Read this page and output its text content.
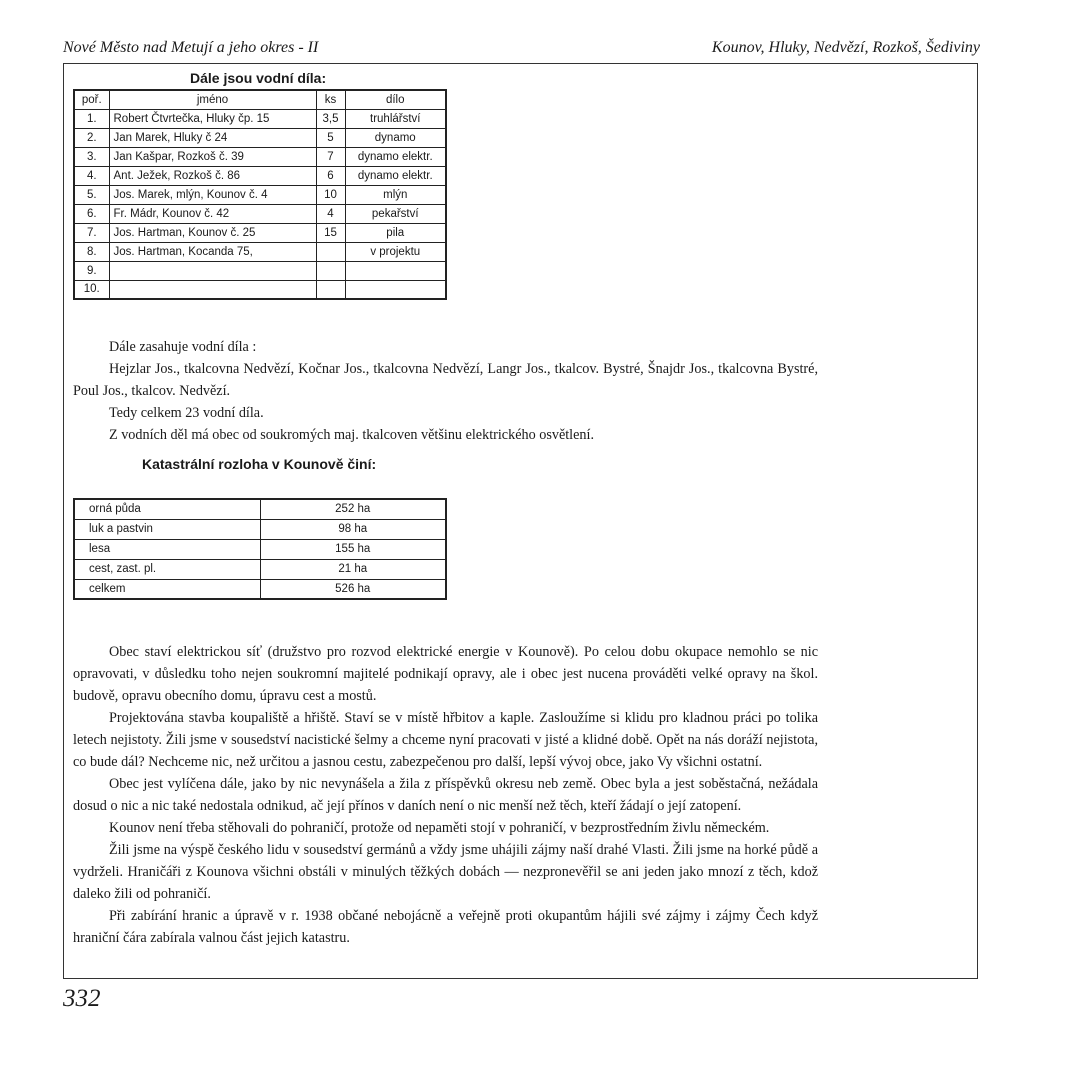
Nové Město nad Metují a jeho okres - II	Kounov, Hluky, Nedvězí, Rozkoš, Šediviny
Dále jsou vodní díla:
poř.	jméno	ks	dílo
1.	Robert Čtvrtečka, Hluky čp. 15	3,5	truhlářství
2.	Jan Marek, Hluky č 24	5	dynamo
3.	Jan Kašpar, Rozkoš č. 39	7	dynamo elektr.
4.	Ant. Ježek, Rozkoš č. 86	6	dynamo elektr.
5.	Jos. Marek, mlýn, Kounov č. 4	10	mlýn
6.	Fr. Mádr, Kounov č. 42	4	pekařství
7.	Jos. Hartman, Kounov č. 25	15	pila
8.	Jos. Hartman, Kocanda 75,		v projektu
9.			
10.			

Dále zasahuje vodní díla :

Hejzlar Jos., tkalcovna Nedvězí, Kočnar Jos., tkalcovna Nedvězí, Langr Jos., tkalcov. Bystré, Šnajdr Jos., tkalcovna Bystré, Poul Jos., tkalcov. Nedvězí.

Tedy celkem 23 vodní díla.

Z vodních děl má obec od soukromých maj. tkalcoven většinu elektrického osvětlení.

Katastrální rozloha v Kounově činí:
orná půda	252 ha
luk a pastvin	98 ha
lesa	155 ha
cest, zast. pl.	21 ha
celkem	526 ha

Obec staví elektrickou síť (družstvo pro rozvod elektrické energie v Kounově). Po celou dobu okupace nemohlo se nic opravovati, v důsledku toho nejen soukromní majitelé podnikají opravy, ale i obec jest nucena prováděti velké opravy na škol. budově, opravu obecního domu, úpravu cest a mostů.

Projektována stavba koupaliště a hřiště. Staví se v místě hřbitov a kaple. Zasloužíme si klidu pro kladnou práci po tolika letech nejistoty. Žili jsme v sousedství nacistické šelmy a chceme nyní pracovati v jisté a klidné době. Opět na nás doráží nejistota, co bude dál? Nechceme nic, než určitou a jasnou cestu, zabezpečenou pro další, lepší vývoj obce, jako Vy všichni ostatní.

Obec jest vylíčena dále, jako by nic nevynášela a žila z příspěvků okresu neb země. Obec byla a jest soběstačná, nežádala dosud o nic a nic také nedostala odnikud, ač její přínos v daních není o nic menší než těch, kteří žádají o její zatopení.

Kounov není třeba stěhovali do pohraničí, protože od nepaměti stojí v pohraničí, v bezprostředním živlu německém.

Žili jsme na výspě českého lidu v sousedství germánů a vždy jsme uhájili zájmy naší drahé Vlasti. Žili jsme na horké půdě a vydrželi. Hraničáři z Kounova všichni obstáli v minulých těžkých dobách — nezpronevěřil se ani jeden jako mnozí z těch, kdož daleko žili od pohraničí.

Při zabírání hranic a úpravě v r. 1938 občané nebojácně a veřejně proti okupantům hájili své zájmy i zájmy Čech když hraniční čára zabírala valnou část jejich katastru.

332
